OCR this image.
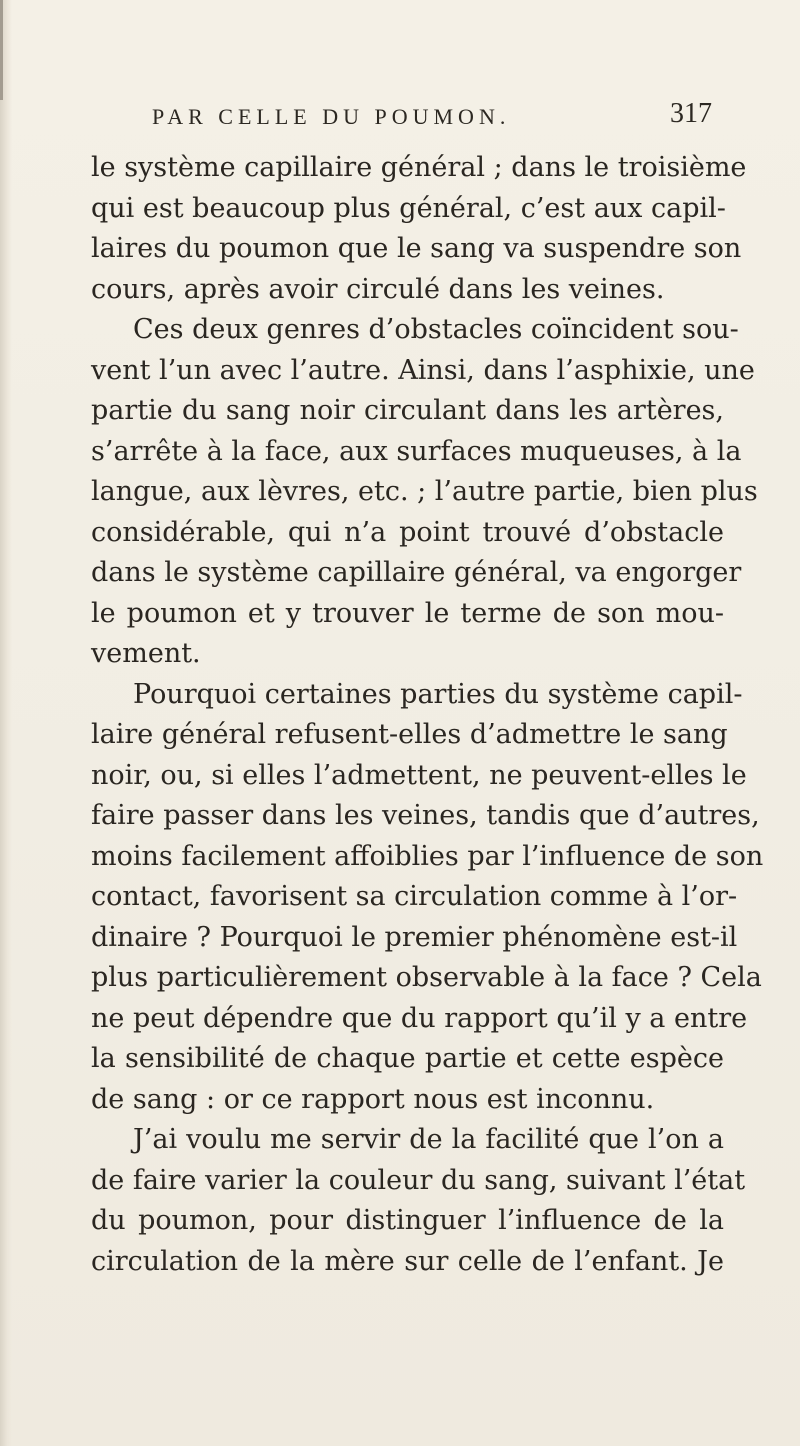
PAR CELLE DU POUMON.	317
le système capillaire général ; dans le troisième
qui est beaucoup plus général, c’est aux capil-
laires du poumon que le sang va suspendre son
cours, après avoir circulé dans les veines.
Ces deux genres d’obstacles coïncident sou-
vent l’un avec l’autre. Ainsi, dans l’asphixie, une
partie du sang noir circulant dans les artères,
s’arrête à la face, aux surfaces muqueuses, à la
langue, aux lèvres, etc. ; l’autre partie, bien plus
considérable, qui n’a point trouvé d’obstacle
dans le système capillaire général, va engorger
le poumon et y trouver le terme de son mou-
vement.
Pourquoi certaines parties du système capil-
laire général refusent-elles d’admettre le sang
noir, ou, si elles l’admettent, ne peuvent-elles le
faire passer dans les veines, tandis que d’autres,
moins facilement affoiblies par l’influence de son
contact, favorisent sa circulation comme à l’or-
dinaire ? Pourquoi le premier phénomène est-il
plus particulièrement observable à la face ? Cela
ne peut dépendre que du rapport qu’il y a entre
la sensibilité de chaque partie et cette espèce
de sang : or ce rapport nous est inconnu.
J’ai voulu me servir de la facilité que l’on a
de faire varier la couleur du sang, suivant l’état
du poumon, pour distinguer l’influence de la
circulation de la mère sur celle de l’enfant. Je
